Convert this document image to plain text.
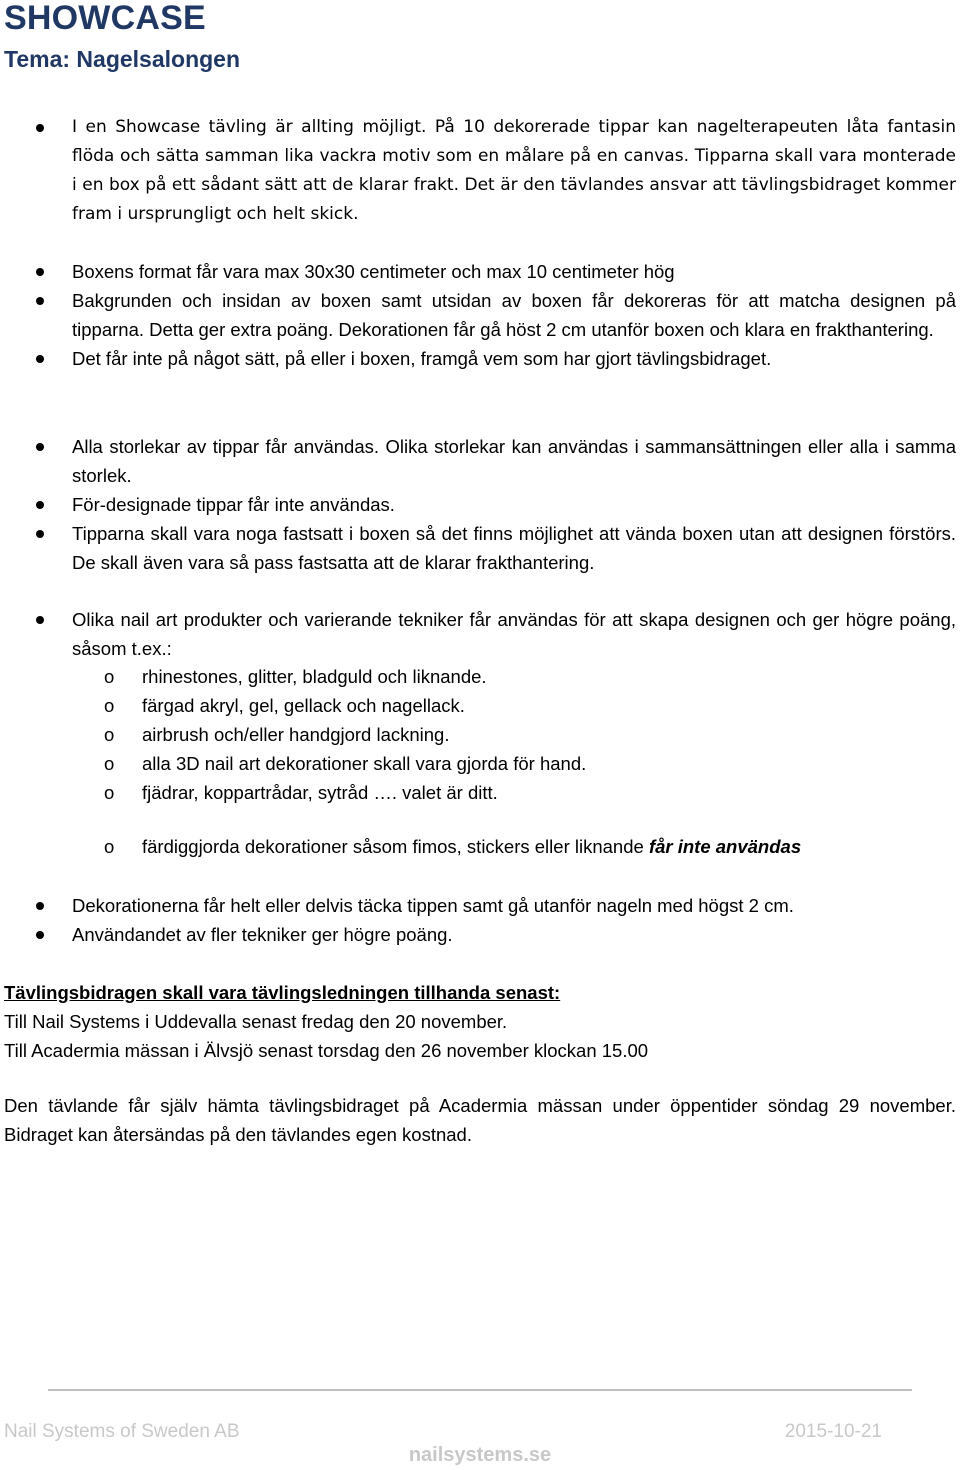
SHOWCASE
Tema: Nagelsalongen
I en Showcase tävling är allting möjligt. På 10 dekorerade tippar kan nagelterapeuten låta fantasin flöda och sätta samman lika vackra motiv som en målare på en canvas. Tipparna skall vara monterade i en box på ett sådant sätt att de klarar frakt. Det är den tävlandes ansvar att tävlingsbidraget kommer fram i ursprungligt och helt skick.
Boxens format får vara max 30x30 centimeter och max 10 centimeter hög
Bakgrunden och insidan av boxen samt utsidan av boxen får dekoreras för att matcha designen på tipparna. Detta ger extra poäng. Dekorationen får gå höst 2 cm utanför boxen och klara en frakthantering.
Det får inte på något sätt, på eller i boxen, framgå vem som har gjort tävlingsbidraget.
Alla storlekar av tippar får användas. Olika storlekar kan användas i sammansättningen eller alla i samma storlek.
För-designade tippar får inte användas.
Tipparna skall vara noga fastsatt i boxen så det finns möjlighet att vända boxen utan att designen förstörs. De skall även vara så pass fastsatta att de klarar frakthantering.
Olika nail art produkter och varierande tekniker får användas för att skapa designen och ger högre poäng, såsom t.ex.:
o rhinestones, glitter, bladguld och liknande.
o färgad akryl, gel, gellack och nagellack.
o airbrush och/eller handgjord lackning.
o alla 3D nail art dekorationer skall vara gjorda för hand.
o fjädrar, koppartrådar, sytråd …. valet är ditt.
o färdiggjorda dekorationer såsom fimos, stickers eller liknande får inte användas
Dekorationerna får helt eller delvis täcka tippen samt gå utanför nageln med högst 2 cm.
Användandet av fler tekniker ger högre poäng.
Tävlingsbidragen skall vara tävlingsledningen tillhanda senast:
Till Nail Systems i Uddevalla senast fredag den 20 november.
Till Acadermia mässan i Älvsjö senast torsdag den 26 november klockan 15.00
Den tävlande får själv hämta tävlingsbidraget på Acadermia mässan under öppentider söndag 29 november. Bidraget kan återsändas på den tävlandes egen kostnad.
Nail Systems of Sweden AB	2015-10-21
nailsystems.se
